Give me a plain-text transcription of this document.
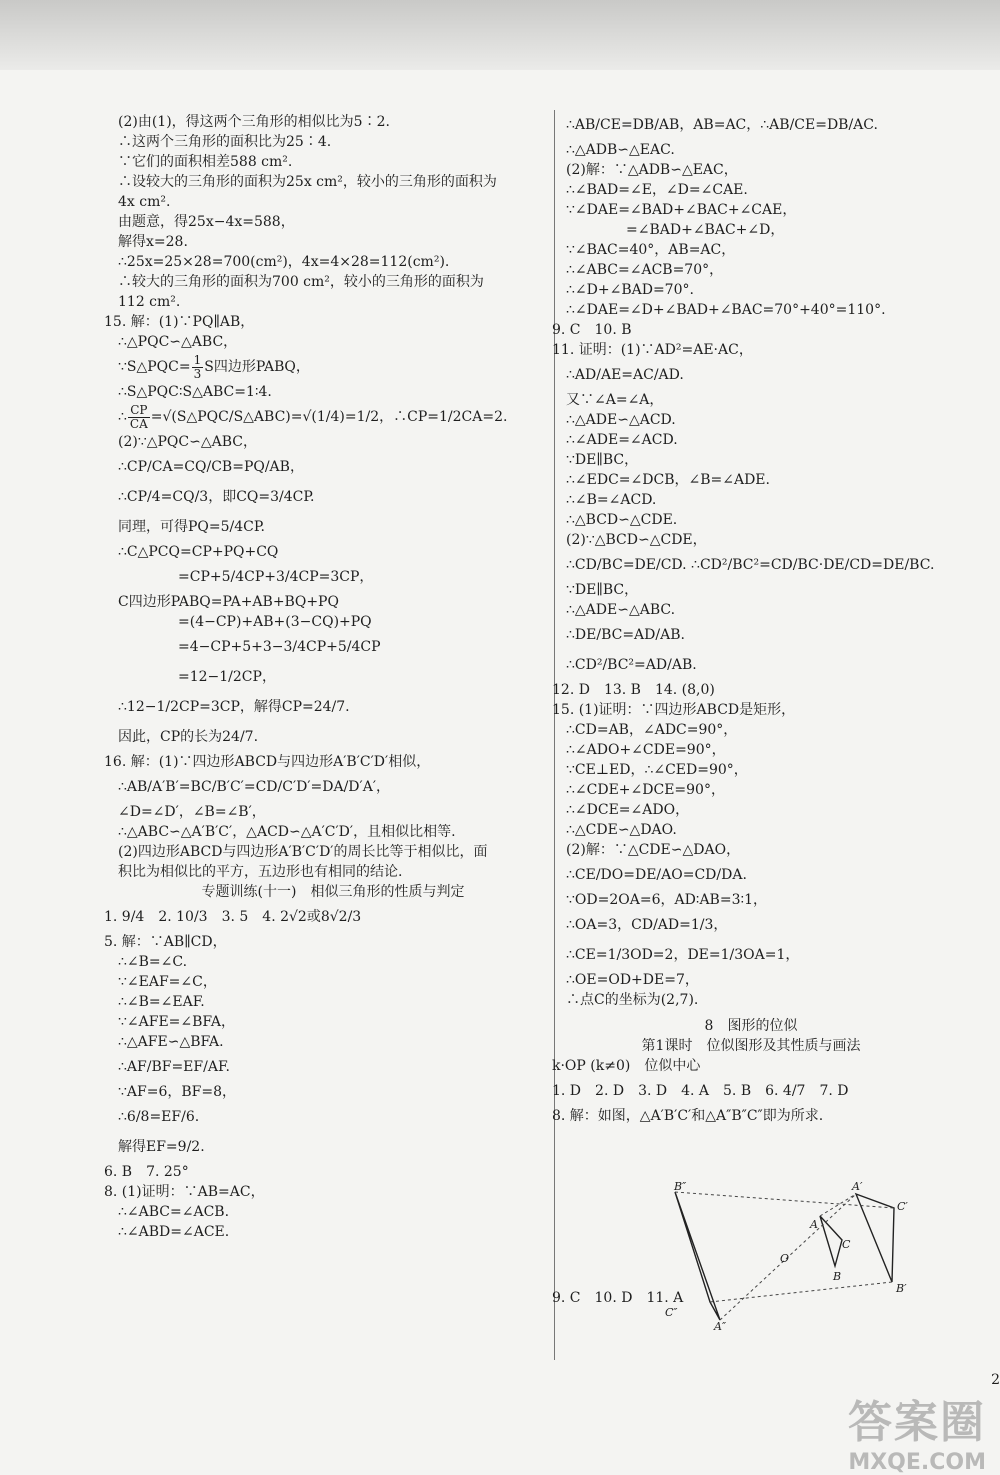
(2)由(1)，得这两个三角形的相似比为5∶2.
∴这两个三角形的面积比为25∶4.
∵它们的面积相差588 cm².
∴设较大的三角形的面积为25x cm²，较小的三角形的面积为
4x cm².
由题意，得25x−4x=588，
解得x=28.
∴25x=25×28=700(cm²)，4x=4×28=112(cm²).
∴较大的三角形的面积为700 cm²，较小的三角形的面积为
112 cm².
15. 解：(1)∵PQ∥AB，
∴△PQC∽△ABC，
∵S△PQC= $\frac{1}{3}$ S四边形PABQ，
∴S△PQC∶S△ABC=1∶4.
∴ $\frac{CP}{CA}$ =√(S△PQC/S△ABC)=√(1/4)=1/2，∴CP=1/2CA=2.
(2)∵△PQC∽△ABC，
∴CP/CA=CQ/CB=PQ/AB，
∴CP/4=CQ/3，即CQ=3/4CP.
同理，可得PQ=5/4CP.
∴C△PCQ=CP+PQ+CQ
=CP+5/4CP+3/4CP=3CP，
C四边形PABQ=PA+AB+BQ+PQ
=(4−CP)+AB+(3−CQ)+PQ
=4−CP+5+3−3/4CP+5/4CP
=12−1/2CP，
∴12−1/2CP=3CP，解得CP=24/7.
因此，CP的长为24/7.
16. 解：(1)∵四边形ABCD与四边形A′B′C′D′相似，
∴AB/A′B′=BC/B′C′=CD/C′D′=DA/D′A′，
∠D=∠D′，∠B=∠B′，
∴△ABC∽△A′B′C′，△ACD∽△A′C′D′，且相似比相等.
(2)四边形ABCD与四边形A′B′C′D′的周长比等于相似比，面
积比为相似比的平方，五边形也有相同的结论.
专题训练(十一)　相似三角形的性质与判定
1. 9/4　2. 10/3　3. 5　4. 2√2或8√2/3
5. 解：∵AB∥CD，
∴∠B=∠C.
∵∠EAF=∠C，
∴∠B=∠EAF.
∵∠AFE=∠BFA，
∴△AFE∽△BFA.
∴AF/BF=EF/AF.
∵AF=6，BF=8，
∴6/8=EF/6.
解得EF=9/2.
6. B　7. 25°
8. (1)证明：∵AB=AC，
∴∠ABC=∠ACB.
∴∠ABD=∠ACE.
∴AB/CE=DB/AB，AB=AC，∴AB/CE=DB/AC.
∴△ADB∽△EAC.
(2)解：∵△ADB∽△EAC，
∴∠BAD=∠E，∠D=∠CAE.
∵∠DAE=∠BAD+∠BAC+∠CAE，
=∠BAD+∠BAC+∠D，
∵∠BAC=40°，AB=AC，
∴∠ABC=∠ACB=70°，
∴∠D+∠BAD=70°.
∴∠DAE=∠D+∠BAD+∠BAC=70°+40°=110°.
9. C　10. B
11. 证明：(1)∵AD²=AE·AC，
∴AD/AE=AC/AD.
又∵∠A=∠A，
∴△ADE∽△ACD.
∴∠ADE=∠ACD.
∵DE∥BC，
∴∠EDC=∠DCB，∠B=∠ADE.
∴∠B=∠ACD.
∴△BCD∽△CDE.
(2)∵△BCD∽△CDE，
∴CD/BC=DE/CD. ∴CD²/BC²=CD/BC·DE/CD=DE/BC.
∵DE∥BC，
∴△ADE∽△ABC.
∴DE/BC=AD/AB.
∴CD²/BC²=AD/AB.
12. D　13. B　14. (8,0)
15. (1)证明：∵四边形ABCD是矩形，
∴CD=AB，∠ADC=90°，
∴∠ADO+∠CDE=90°，
∵CE⊥ED，∴∠CED=90°，
∴∠CDE+∠DCE=90°，
∴∠DCE=∠ADO，
∴△CDE∽△DAO.
(2)解：∵△CDE∽△DAO，
∴CE/DO=DE/AO=CD/DA.
∵OD=2OA=6，AD∶AB=3∶1，
∴OA=3，CD/AD=1/3，
∴CE=1/3OD=2，DE=1/3OA=1，
∴OE=OD+DE=7，
∴点C的坐标为(2,7).
8　图形的位似
第1课时　位似图形及其性质与画法
k·OP (k≠0)　位似中心
1. D　2. D　3. D　4. A　5. B　6. 4/7　7. D
8. 解：如图，△A′B′C′和△A″B″C″即为所求.
9. C　10. D　11. A
A′
C′
B′
A
C
B
O
B″
C″
A″
2
答案圈
MXQE.COM
